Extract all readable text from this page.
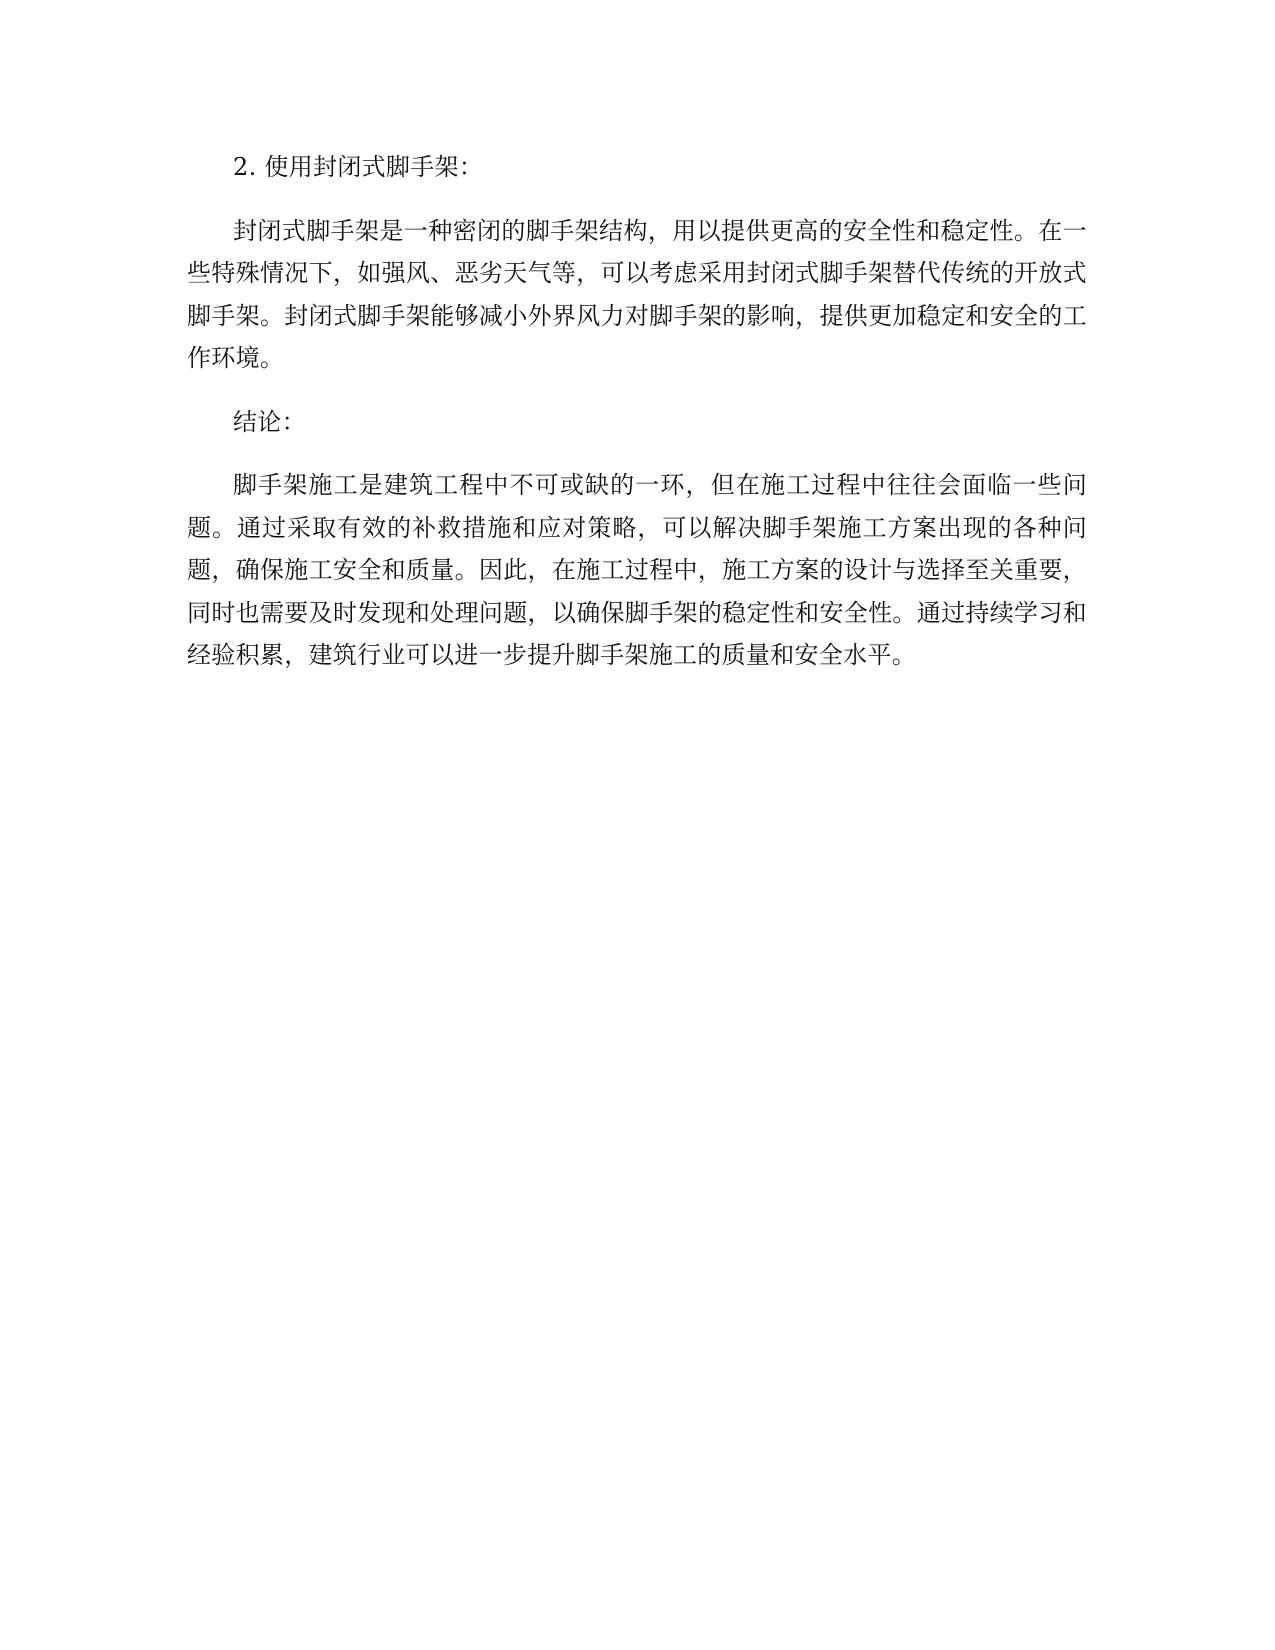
2. 使用封闭式脚手架：

封闭式脚手架是一种密闭的脚手架结构，用以提供更高的安全性和稳定性。在一些特殊情况下，如强风、恶劣天气等，可以考虑采用封闭式脚手架替代传统的开放式脚手架。封闭式脚手架能够减小外界风力对脚手架的影响，提供更加稳定和安全的工作环境。

结论：

脚手架施工是建筑工程中不可或缺的一环，但在施工过程中往往会面临一些问题。通过采取有效的补救措施和应对策略，可以解决脚手架施工方案出现的各种问题，确保施工安全和质量。因此，在施工过程中，施工方案的设计与选择至关重要，同时也需要及时发现和处理问题，以确保脚手架的稳定性和安全性。通过持续学习和经验积累，建筑行业可以进一步提升脚手架施工的质量和安全水平。
